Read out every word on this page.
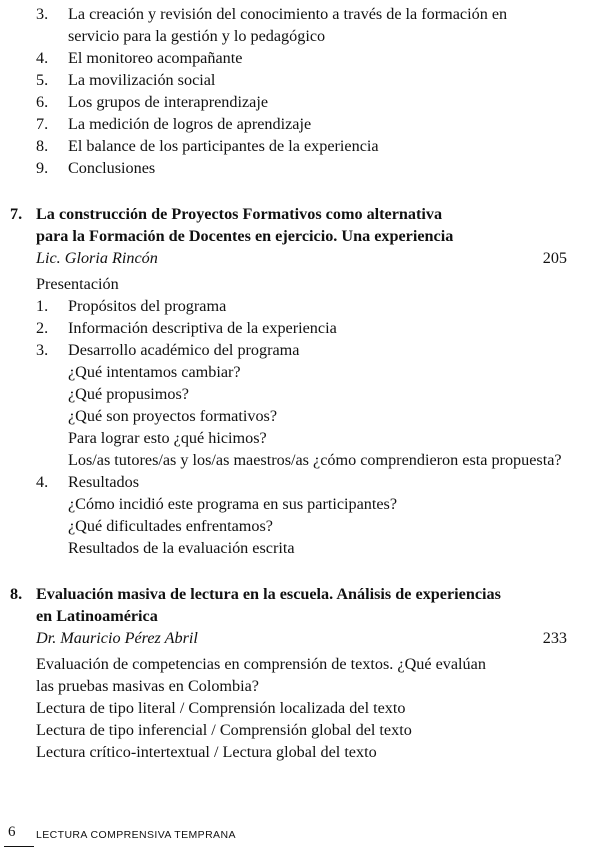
3. La creación y revisión del conocimiento a través de la formación en
servicio para la gestión y lo pedagógico
4. El monitoreo acompañante
5. La movilización social
6. Los grupos de interaprendizaje
7. La medición de logros de aprendizaje
8. El balance de los participantes de la experiencia
9. Conclusiones
7. La construcción de Proyectos Formativos como alternativa
para la Formación de Docentes en ejercicio. Una experiencia
Lic. Gloria Rincón	205
Presentación
1. Propósitos del programa
2. Información descriptiva de la experiencia
3. Desarrollo académico del programa
¿Qué intentamos cambiar?
¿Qué propusimos?
¿Qué son proyectos formativos?
Para lograr esto ¿qué hicimos?
Los/as tutores/as y los/as maestros/as ¿cómo comprendieron esta propuesta?
4. Resultados
¿Cómo incidió este programa en sus participantes?
¿Qué dificultades enfrentamos?
Resultados de la evaluación escrita
8. Evaluación masiva de lectura en la escuela. Análisis de experiencias
en Latinoamérica
Dr. Mauricio Pérez Abril	233
Evaluación de competencias en comprensión de textos. ¿Qué evalúan
las pruebas masivas en Colombia?
Lectura de tipo literal / Comprensión localizada del texto
Lectura de tipo inferencial / Comprensión global del texto
Lectura crítico-intertextual / Lectura global del texto
6 LECTURA COMPRENSIVA TEMPRANA
